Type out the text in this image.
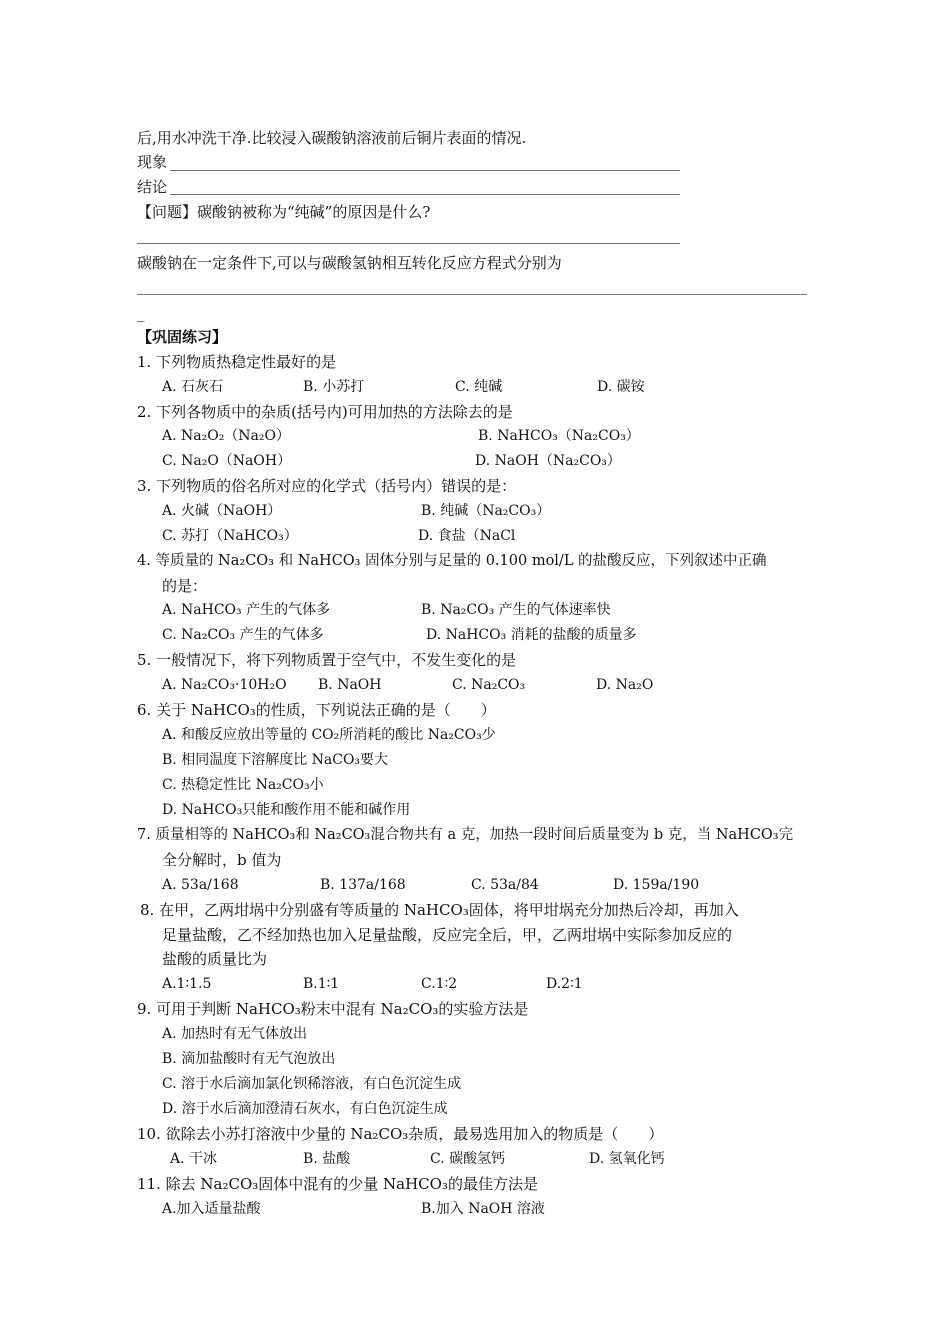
后,用水冲洗干净.比较浸入碳酸钠溶液前后铜片表面的情况.
现象
结论
【问题】碳酸钠被称为“纯碱”的原因是什么?
碳酸钠在一定条件下,可以与碳酸氢钠相互转化反应方程式分别为
_
【巩固练习】
1. 下列物质热稳定性最好的是
A. 石灰石	B. 小苏打	C. 纯碱	D. 碳铵
2. 下列各物质中的杂质(括号内)可用加热的方法除去的是
A. Na₂O₂（Na₂O）	B. NaHCO₃（Na₂CO₃）
C. Na₂O（NaOH）	D. NaOH（Na₂CO₃）
3. 下列物质的俗名所对应的化学式（括号内）错误的是：
A. 火碱（NaOH）	B. 纯碱（Na₂CO₃）
C. 苏打（NaHCO₃）	D. 食盐（NaCl
4. 等质量的 Na₂CO₃ 和 NaHCO₃ 固体分别与足量的 0.100 mol/L 的盐酸反应，下列叙述中正确
的是：
A. NaHCO₃ 产生的气体多	B. Na₂CO₃ 产生的气体速率快
C. Na₂CO₃ 产生的气体多	D. NaHCO₃ 消耗的盐酸的质量多
5. 一般情况下，将下列物质置于空气中，不发生变化的是
A. Na₂CO₃·10H₂O B. NaOH	C. Na₂CO₃	D. Na₂O
6. 关于 NaHCO₃的性质，下列说法正确的是（　　）
A. 和酸反应放出等量的 CO₂所消耗的酸比 Na₂CO₃少
B. 相同温度下溶解度比 NaCO₃要大
C. 热稳定性比 Na₂CO₃小
D. NaHCO₃只能和酸作用不能和碱作用
7. 质量相等的 NaHCO₃和 Na₂CO₃混合物共有 a 克，加热一段时间后质量变为 b 克，当 NaHCO₃完
全分解时，b 值为
A. 53a/168	B. 137a/168	C. 53a/84	D. 159a/190
8. 在甲，乙两坩埚中分别盛有等质量的 NaHCO₃固体，将甲坩埚充分加热后冷却，再加入
足量盐酸，乙不经加热也加入足量盐酸，反应完全后，甲，乙两坩埚中实际参加反应的
盐酸的质量比为
A.1∶1.5	B.1∶1	C.1∶2	D.2∶1
9. 可用于判断 NaHCO₃粉末中混有 Na₂CO₃的实验方法是
A. 加热时有无气体放出
B. 滴加盐酸时有无气泡放出
C. 溶于水后滴加氯化钡稀溶液，有白色沉淀生成
D. 溶于水后滴加澄清石灰水，有白色沉淀生成
10. 欲除去小苏打溶液中少量的 Na₂CO₃杂质，最易选用加入的物质是（　　）
A. 干冰	B. 盐酸	C. 碳酸氢钙	D. 氢氧化钙
11. 除去 Na₂CO₃固体中混有的少量 NaHCO₃的最佳方法是
A.加入适量盐酸	B.加入 NaOH 溶液
